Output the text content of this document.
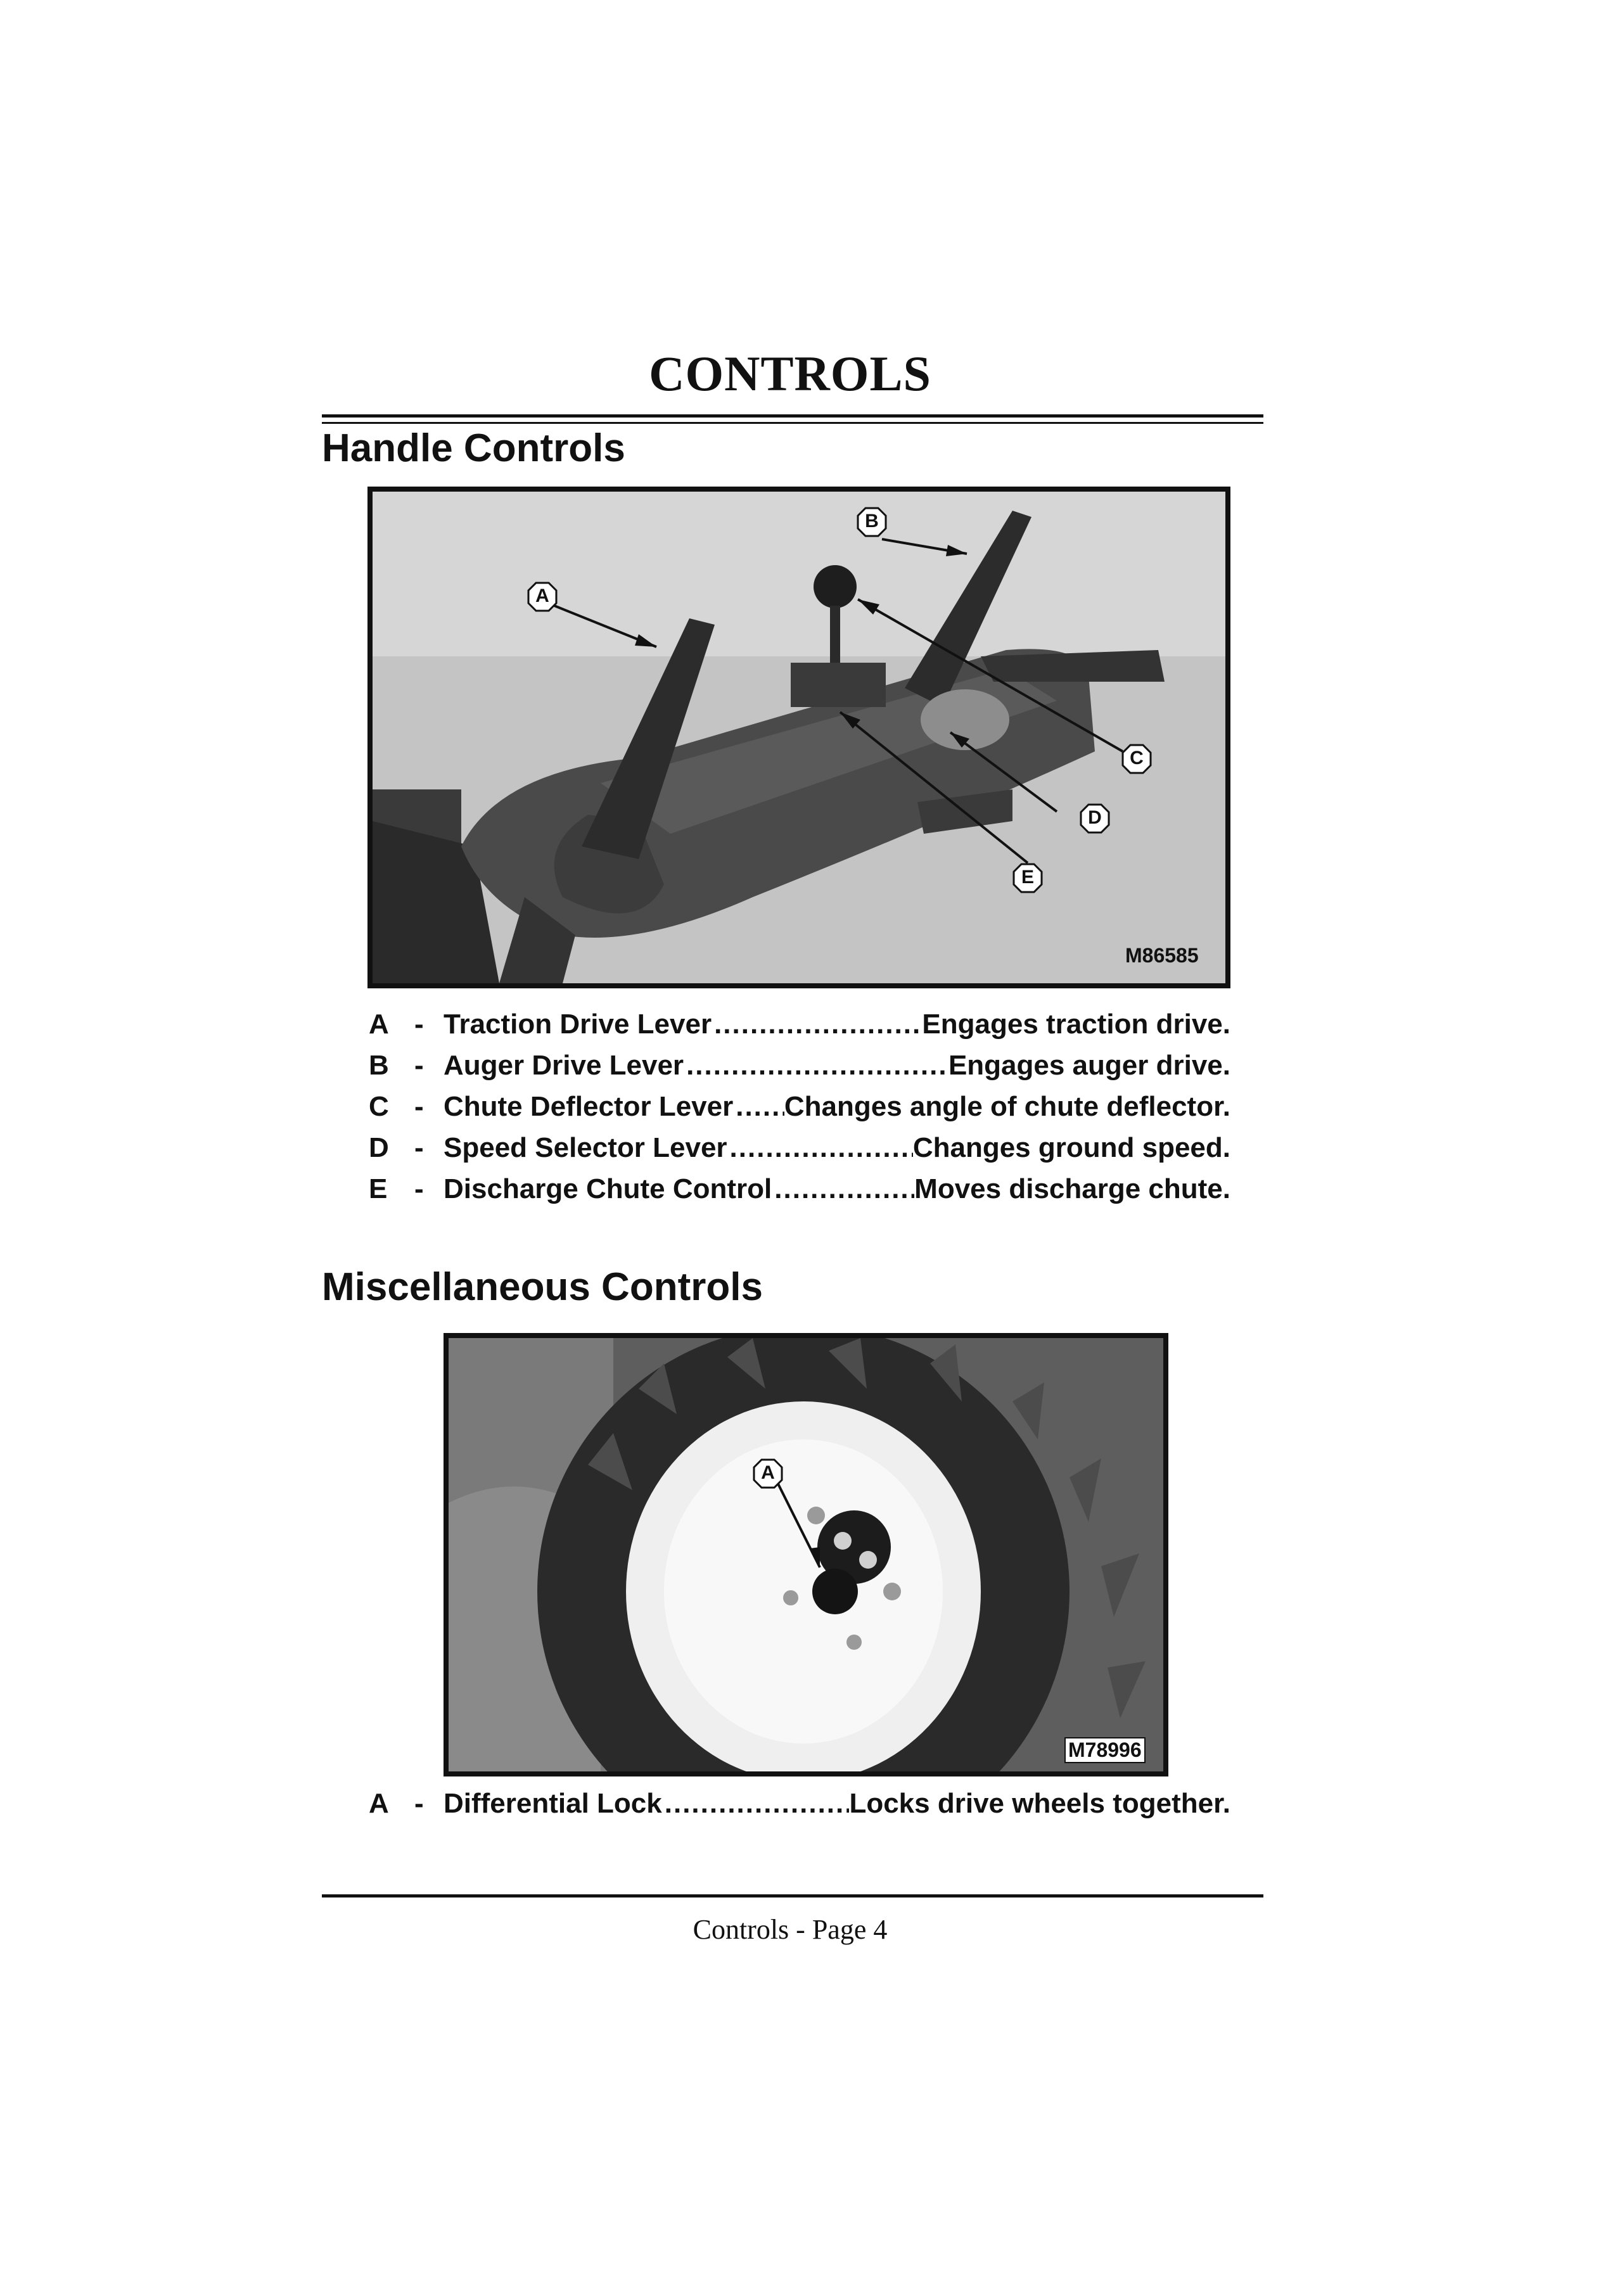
CONTROLS
Handle Controls
A
B
C
D
E
M86585
A - Traction Drive Lever .....	Engages traction drive.
B - Auger Drive Lever .....	Engages auger drive.
C - Chute Deflector Lever ..... Changes angle of chute deflector.
D - Speed Selector Lever .....	Changes ground speed.
E - Discharge Chute Control .....	Moves discharge chute.
Miscellaneous Controls
A
M78996
A - Differential Lock .....	Locks drive wheels together.
Controls - Page 4
